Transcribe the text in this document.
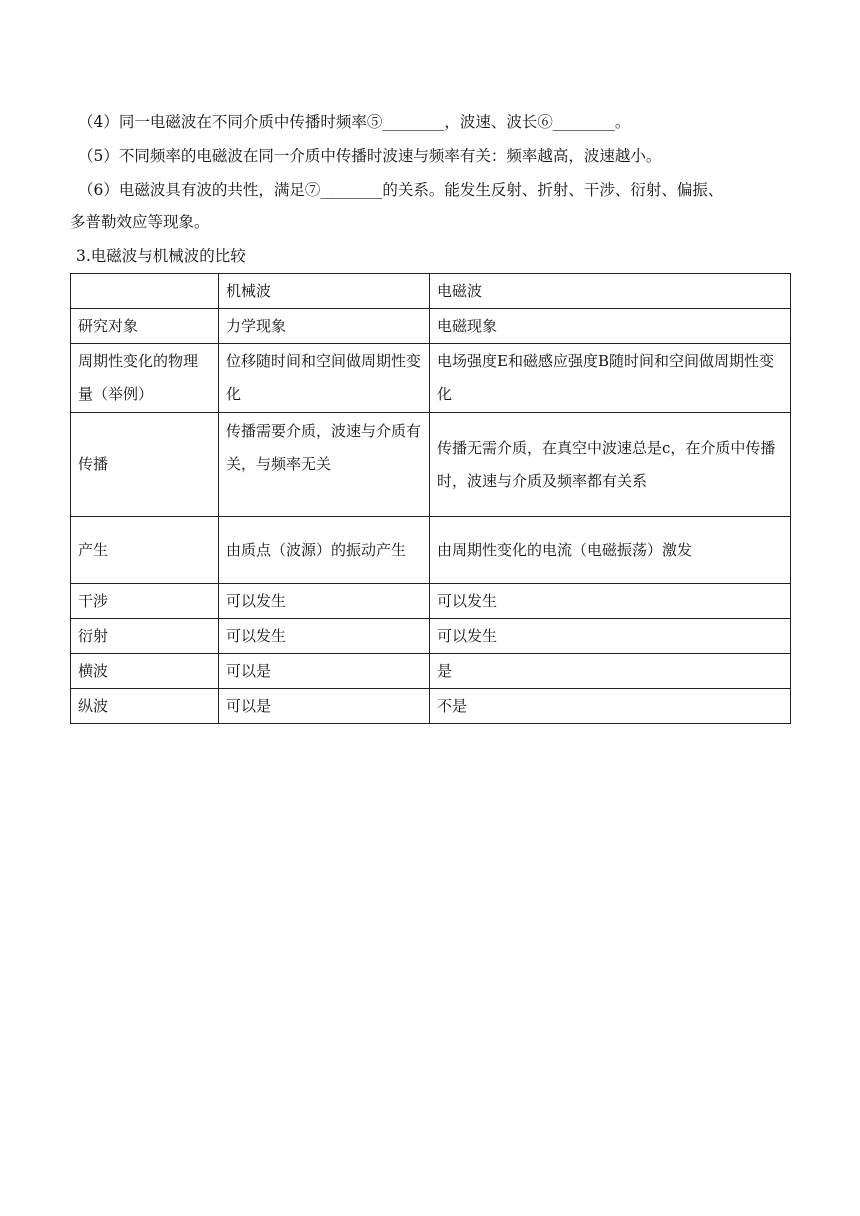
（4）同一电磁波在不同介质中传播时频率⑤________，波速、波长⑥________。
（5）不同频率的电磁波在同一介质中传播时波速与频率有关：频率越高，波速越小。
（6）电磁波具有波的共性，满足⑦________的关系。能发生反射、折射、干涉、衍射、偏振、
多普勒效应等现象。
3.电磁波与机械波的比较
	机械波	电磁波
研究对象	力学现象	电磁现象
周期性变化的物理量（举例）	位移随时间和空间做周期性变化	电场强度E和磁感应强度B随时间和空间做周期性变化
传播	传播需要介质，波速与介质有关，与频率无关	传播无需介质，在真空中波速总是c，在介质中传播时，波速与介质及频率都有关系
产生	由质点（波源）的振动产生	由周期性变化的电流（电磁振荡）激发
干涉	可以发生	可以发生
衍射	可以发生	可以发生
横波	可以是	是
纵波	可以是	不是
